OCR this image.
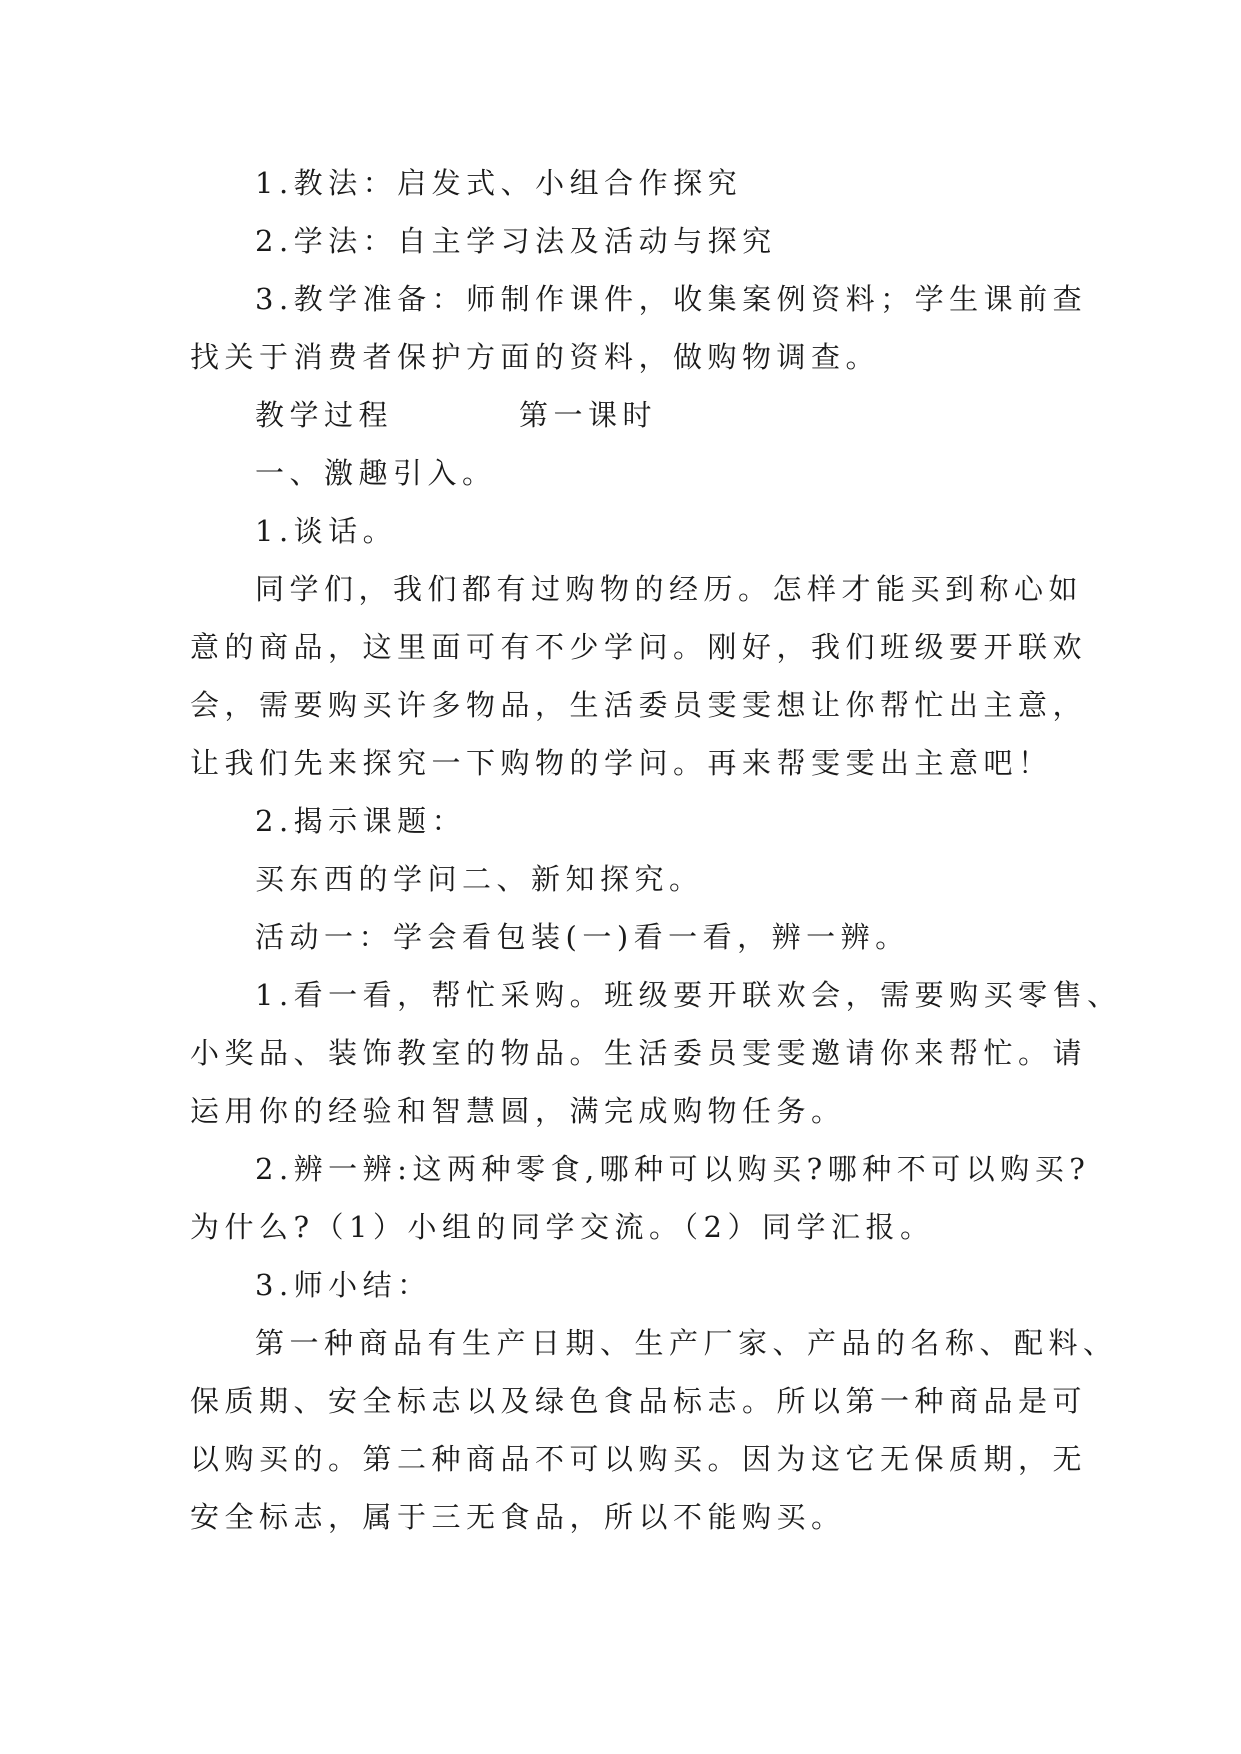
1.教法：启发式、小组合作探究

2.学法：自主学习法及活动与探究

3.教学准备：师制作课件，收集案例资料；学生课前查

找关于消费者保护方面的资料，做购物调查。

教学过程	第一课时

一、激趣引入。

1.谈话。

同学们，我们都有过购物的经历。怎样才能买到称心如

意的商品，这里面可有不少学问。刚好，我们班级要开联欢

会，需要购买许多物品，生活委员雯雯想让你帮忙出主意，

让我们先来探究一下购物的学问。再来帮雯雯出主意吧！

2.揭示课题：

买东西的学问二、新知探究。

活动一：学会看包装(一)看一看，辨一辨。

1.看一看，帮忙采购。班级要开联欢会，需要购买零售、

小奖品、装饰教室的物品。生活委员雯雯邀请你来帮忙。请

运用你的经验和智慧圆，满完成购物任务。

2.辨一辨:这两种零食,哪种可以购买?哪种不可以购买?

为什么?（1）小组的同学交流。（2）同学汇报。

3.师小结：

第一种商品有生产日期、生产厂家、产品的名称、配料、

保质期、安全标志以及绿色食品标志。所以第一种商品是可

以购买的。第二种商品不可以购买。因为这它无保质期，无

安全标志，属于三无食品，所以不能购买。
